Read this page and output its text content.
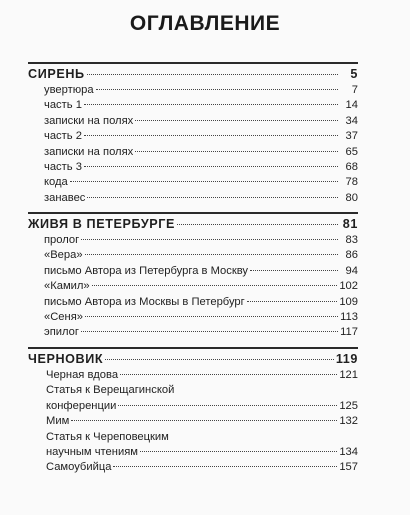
ОГЛАВЛЕНИЕ
СИРЕНЬ	5
увертюра	7
часть 1	14
записки на полях	34
часть 2	37
записки на полях	65
часть 3	68
кода	78
занавес	80
ЖИВЯ В ПЕТЕРБУРГЕ	81
пролог	83
«Вера»	86
письмо Автора из Петербурга в Москву	94
«Камил»	102
письмо Автора из Москвы в Петербург	109
«Сеня»	113
эпилог	117
ЧЕРНОВИК	119
Черная вдова	121
Статья к Верещагинской
конференции	125
Мим	132
Статья к Череповецким
научным чтениям	134
Самоубийца	157
